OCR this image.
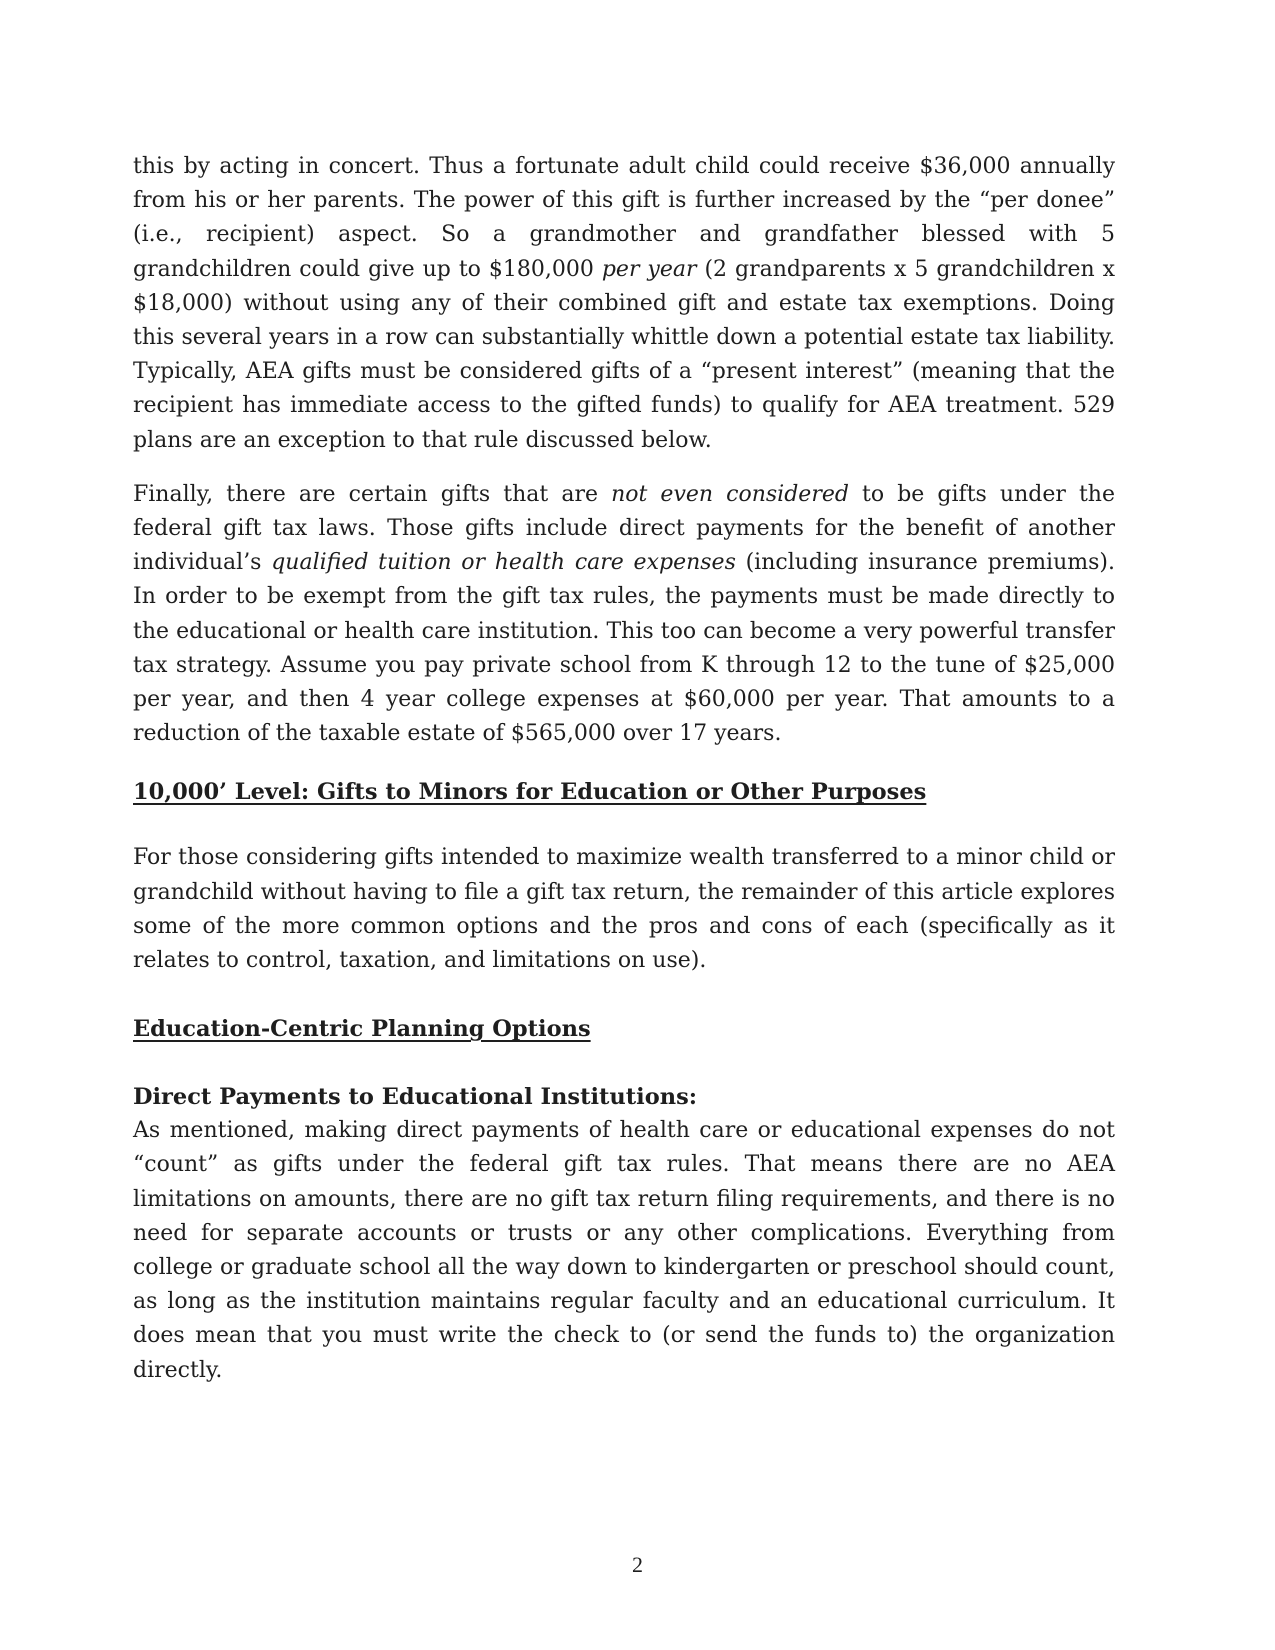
this by acting in concert. Thus a fortunate adult child could receive $36,000 annually from his or her parents. The power of this gift is further increased by the “per donee” (i.e., recipient) aspect. So a grandmother and grandfather blessed with 5 grandchildren could give up to $180,000 per year (2 grandparents x 5 grandchildren x $18,000) without using any of their combined gift and estate tax exemptions. Doing this several years in a row can substantially whittle down a potential estate tax liability. Typically, AEA gifts must be considered gifts of a “present interest” (meaning that the recipient has immediate access to the gifted funds) to qualify for AEA treatment. 529 plans are an exception to that rule discussed below.

Finally, there are certain gifts that are not even considered to be gifts under the federal gift tax laws. Those gifts include direct payments for the benefit of another individual’s qualified tuition or health care expenses (including insurance premiums). In order to be exempt from the gift tax rules, the payments must be made directly to the educational or health care institution. This too can become a very powerful transfer tax strategy. Assume you pay private school from K through 12 to the tune of $25,000 per year, and then 4 year college expenses at $60,000 per year. That amounts to a reduction of the taxable estate of $565,000 over 17 years.

10,000’ Level: Gifts to Minors for Education or Other Purposes

For those considering gifts intended to maximize wealth transferred to a minor child or grandchild without having to file a gift tax return, the remainder of this article explores some of the more common options and the pros and cons of each (specifically as it relates to control, taxation, and limitations on use).

Education-Centric Planning Options
Direct Payments to Educational Institutions:

As mentioned, making direct payments of health care or educational expenses do not “count” as gifts under the federal gift tax rules. That means there are no AEA limitations on amounts, there are no gift tax return filing requirements, and there is no need for separate accounts or trusts or any other complications. Everything from college or graduate school all the way down to kindergarten or preschool should count, as long as the institution maintains regular faculty and an educational curriculum. It does mean that you must write the check to (or send the funds to) the organization directly.

2
